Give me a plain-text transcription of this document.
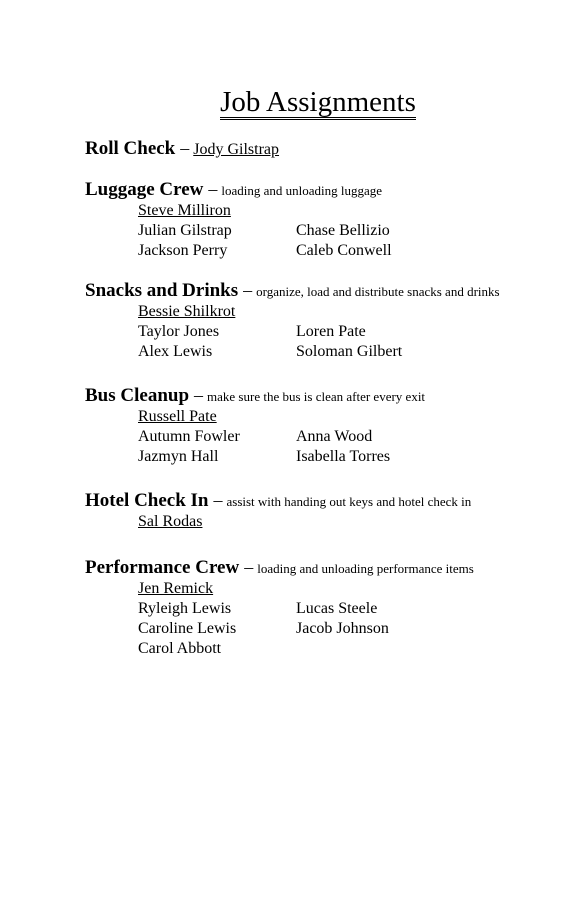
Job Assignments
Roll Check – Jody Gilstrap
Luggage Crew – loading and unloading luggage
Steve Milliron
Julian Gilstrap	Chase Bellizio
Jackson Perry	Caleb Conwell
Snacks and Drinks – organize, load and distribute snacks and drinks
Bessie Shilkrot
Taylor Jones	Loren Pate
Alex Lewis	Soloman Gilbert
Bus Cleanup – make sure the bus is clean after every exit
Russell Pate
Autumn Fowler	Anna Wood
Jazmyn Hall	Isabella Torres
Hotel Check In – assist with handing out keys and hotel check in
Sal Rodas
Performance Crew – loading and unloading performance items
Jen Remick
Ryleigh Lewis	Lucas Steele
Caroline Lewis	Jacob Johnson
Carol Abbott
